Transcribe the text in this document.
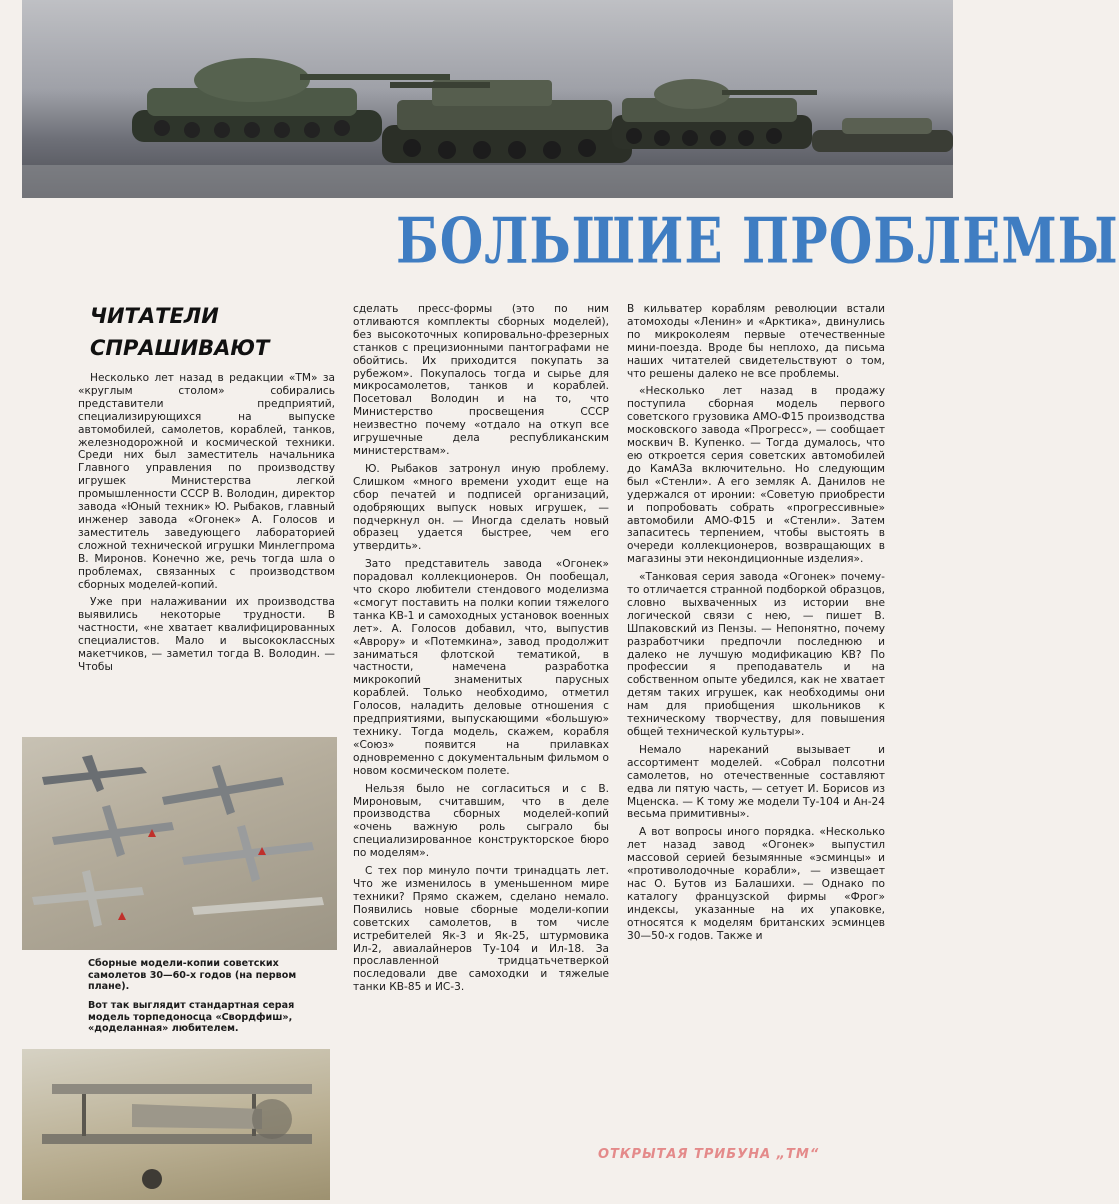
БОЛЬШИЕ ПРОБЛЕМЫ
ЧИТАТЕЛИ
СПРАШИВАЮТ

Несколько лет назад в редакции «ТМ» за «круглым столом» собирались представители предприятий, специализирующихся на выпуске автомобилей, самолетов, кораблей, танков, железнодорожной и космической техники. Среди них был заместитель начальника Главного управления по производству игрушек Министерства легкой промышленности СССР В. Володин, директор завода «Юный техник» Ю. Рыбаков, главный инженер завода «Огонек» А. Голосов и заместитель заведующего лабораторией сложной технической игрушки Минлегпрома В. Миронов. Конечно же, речь тогда шла о проблемах, связанных с производством сборных моделей-копий.

Уже при налаживании их производства выявились некоторые трудности. В частности, «не хватает квалифицированных специалистов. Мало и высококлассных макетчиков, — заметил тогда В. Володин. — Чтобы

Сборные модели-копии советских самолетов 30—60-х годов (на первом плане).
Вот так выглядит стандартная серая модель торпедоносца «Свордфиш», «доделанная» любителем.

сделать пресс-формы (это по ним отливаются комплекты сборных моделей), без высокоточных копировально-фрезерных станков с прецизионными пантографами не обойтись. Их приходится покупать за рубежом». Покупалось тогда и сырье для микросамолетов, танков и кораблей. Посетовал Володин и на то, что Министерство просвещения СССР неизвестно почему «отдало на откуп все игрушечные дела республиканским министерствам».

Ю. Рыбаков затронул иную проблему. Слишком «много времени уходит еще на сбор печатей и подписей организаций, одобряющих выпуск новых игрушек, — подчеркнул он. — Иногда сделать новый образец удается быстрее, чем его утвердить».

Зато представитель завода «Огонек» порадовал коллекционеров. Он пообещал, что скоро любители стендового моделизма «смогут поставить на полки копии тяжелого танка КВ-1 и самоходных установок военных лет». А. Голосов добавил, что, выпустив «Аврору» и «Потемкина», завод продолжит заниматься флотской тематикой, в частности, намечена разработка микрокопий знаменитых парусных кораблей. Только необходимо, отметил Голосов, наладить деловые отношения с предприятиями, выпускающими «большую» технику. Тогда модель, скажем, корабля «Союз» появится на прилавках одновременно с документальным фильмом о новом космическом полете.

Нельзя было не согласиться и с В. Мироновым, считавшим, что в деле производства сборных моделей-копий «очень важную роль сыграло бы специализированное конструкторское бюро по моделям».

С тех пор минуло почти тринадцать лет. Что же изменилось в уменьшенном мире техники? Прямо скажем, сделано немало. Появились новые сборные модели-копии советских самолетов, в том числе истребителей Як-3 и Як-25, штурмовика Ил-2, авиалайнеров Ту-104 и Ил-18. За прославленной тридцатьчетверкой последовали две самоходки и тяжелые танки КВ-85 и ИС-3.

В кильватер кораблям революции встали атомоходы «Ленин» и «Арктика», двинулись по микроколеям первые отечественные мини-поезда. Вроде бы неплохо, да письма наших читателей свидетельствуют о том, что решены далеко не все проблемы.

«Несколько лет назад в продажу поступила сборная модель первого советского грузовика АМО-Ф15 производства московского завода «Прогресс», — сообщает москвич В. Купенко. — Тогда думалось, что ею откроется серия советских автомобилей до КамАЗа включительно. Но следующим был «Стенли». А его земляк А. Данилов не удержался от иронии: «Советую приобрести и попробовать собрать «прогрессивные» автомобили АМО-Ф15 и «Стенли». Затем запаситесь терпением, чтобы выстоять в очереди коллекционеров, возвращающих в магазины эти некондиционные изделия».

«Танковая серия завода «Огонек» почему-то отличается странной подборкой образцов, словно выхваченных из истории вне логической связи с нею, — пишет В. Шпаковский из Пензы. — Непонятно, почему разработчики предпочли последнюю и далеко не лучшую модификацию КВ? По профессии я преподаватель и на собственном опыте убедился, как не хватает детям таких игрушек, как необходимы они нам для приобщения школьников к техническому творчеству, для повышения общей технической культуры».

Немало нареканий вызывает и ассортимент моделей. «Собрал полсотни самолетов, но отечественные составляют едва ли пятую часть, — сетует И. Борисов из Мценска. — К тому же модели Ту-104 и Ан-24 весьма примитивны».

А вот вопросы иного порядка. «Несколько лет назад завод «Огонек» выпустил массовой серией безымянные «эсминцы» и «противолодочные корабли», — извещает нас О. Бутов из Балашихи. — Однако по каталогу французской фирмы «Фрог» индексы, указанные на их упаковке, относятся к моделям британских эсминцев 30—50-х годов. Также и

ОТКРЫТАЯ ТРИБУНА „ТМ“
